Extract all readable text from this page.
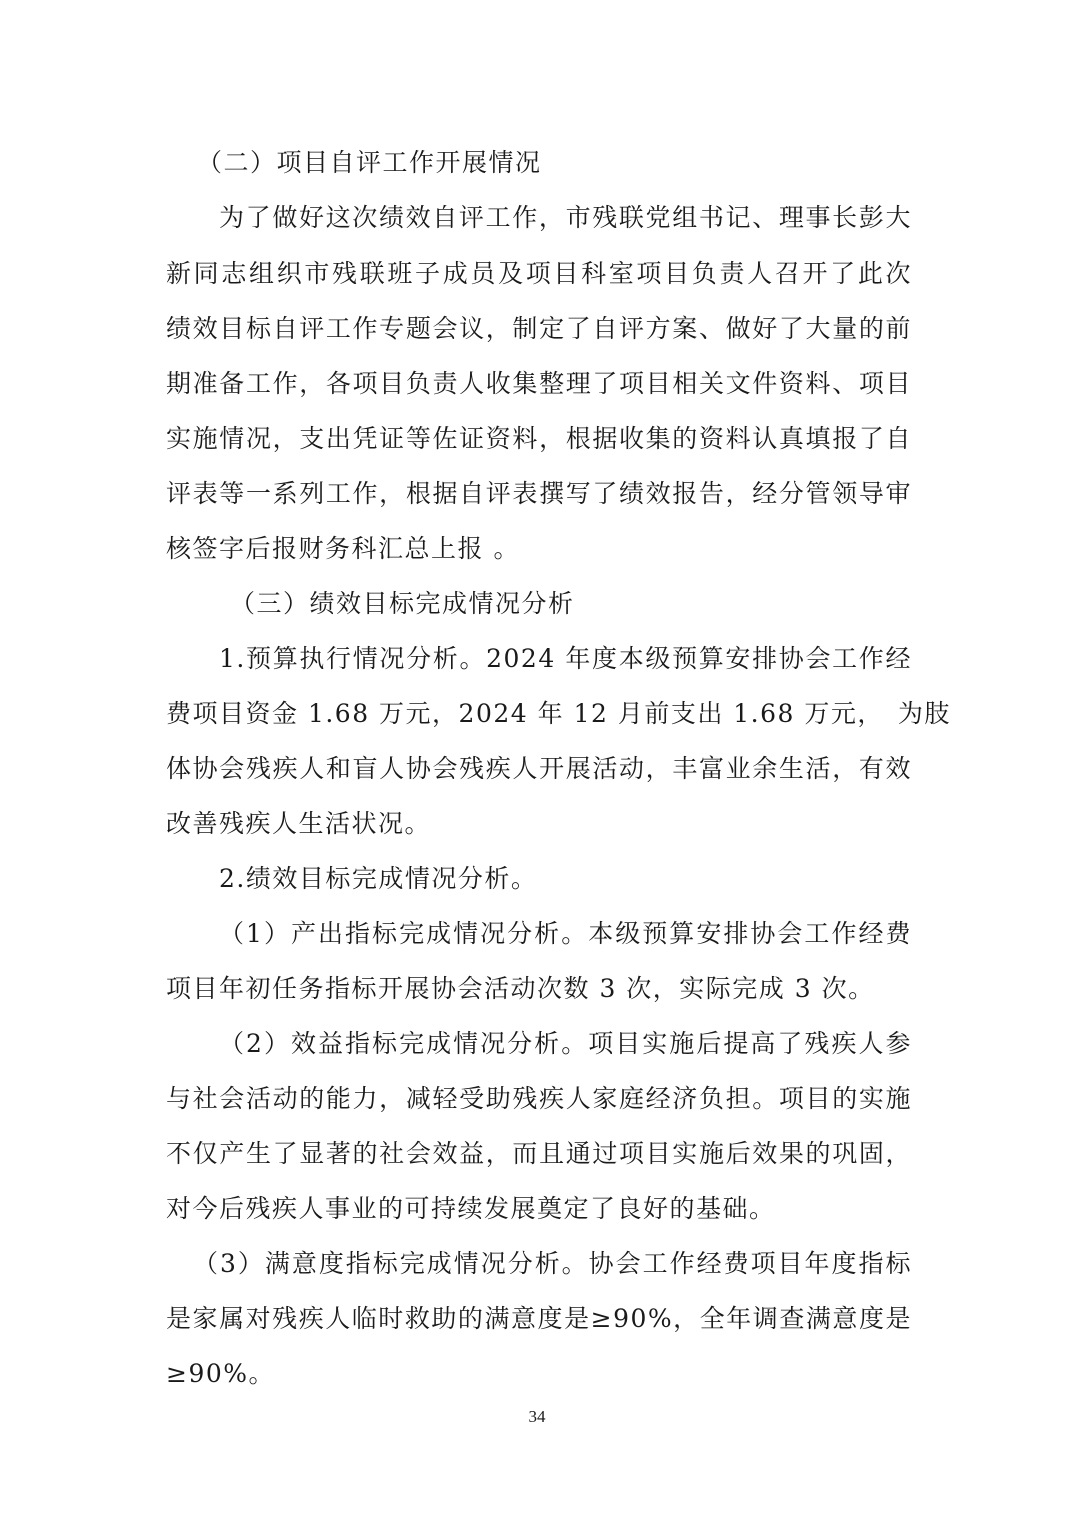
（二）项目自评工作开展情况
为了做好这次绩效自评工作，市残联党组书记、理事长彭大
新同志组织市残联班子成员及项目科室项目负责人召开了此次
绩效目标自评工作专题会议，制定了自评方案、做好了大量的前
期准备工作，各项目负责人收集整理了项目相关文件资料、项目
实施情况，支出凭证等佐证资料，根据收集的资料认真填报了自
评表等一系列工作，根据自评表撰写了绩效报告，经分管领导审
核签字后报财务科汇总上报 。
（三）绩效目标完成情况分析
1.预算执行情况分析。2024 年度本级预算安排协会工作经
费项目资金 1.68 万元，2024 年 12 月前支出 1.68 万元，　为肢
体协会残疾人和盲人协会残疾人开展活动，丰富业余生活，有效
改善残疾人生活状况。
2.绩效目标完成情况分析。
（1）产出指标完成情况分析。本级预算安排协会工作经费
项目年初任务指标开展协会活动次数 3 次，实际完成 3 次。
（2）效益指标完成情况分析。项目实施后提高了残疾人参
与社会活动的能力，减轻受助残疾人家庭经济负担。项目的实施
不仅产生了显著的社会效益，而且通过项目实施后效果的巩固，
对今后残疾人事业的可持续发展奠定了良好的基础。
（3）满意度指标完成情况分析。协会工作经费项目年度指标
是家属对残疾人临时救助的满意度是≥90%，全年调查满意度是
≥90%。
34
